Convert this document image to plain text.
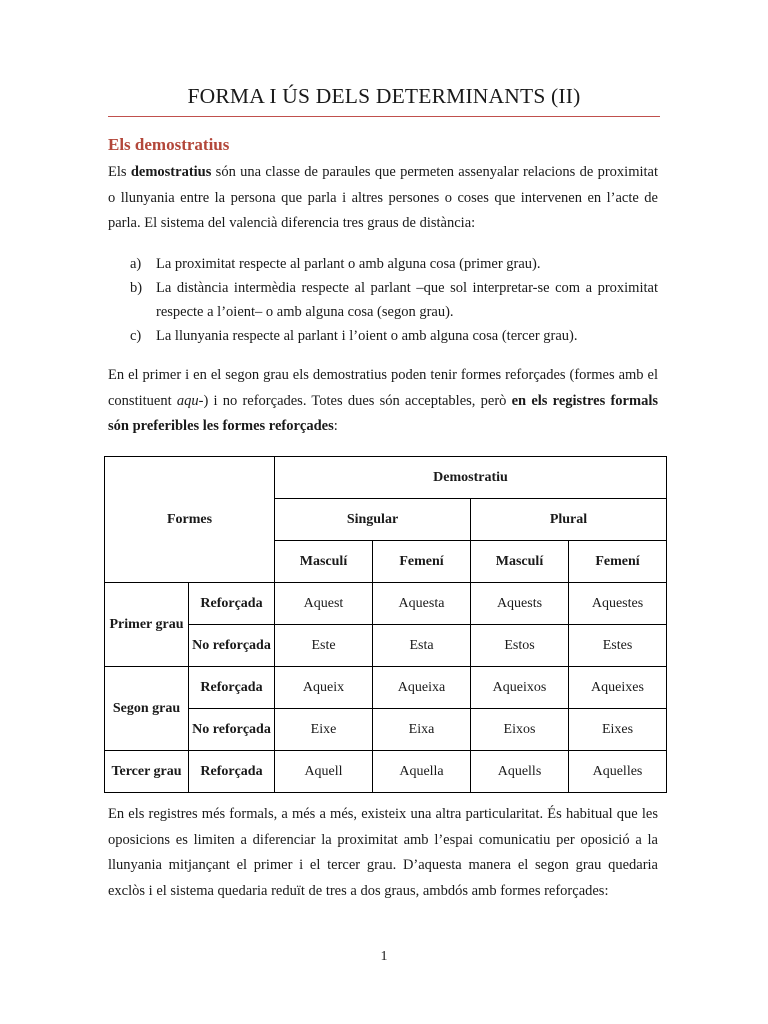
FORMA I ÚS DELS DETERMINANTS (II)
Els demostratius

Els demostratius són una classe de paraules que permeten assenyalar relacions de proximitat o llunyania entre la persona que parla i altres persones o coses que intervenen en l’acte de parla. El sistema del valencià diferencia tres graus de distància:

a) La proximitat respecte al parlant o amb alguna cosa (primer grau).
b) La distància intermèdia respecte al parlant –que sol interpretar-se com a proximitat respecte a l’oient– o amb alguna cosa (segon grau).
c) La llunyania respecte al parlant i l’oient o amb alguna cosa (tercer grau).

En el primer i en el segon grau els demostratius poden tenir formes reforçades (formes amb el constituent aqu-) i no reforçades. Totes dues són acceptables, però en els registres formals són preferibles les formes reforçades:

Formes		Demostratiu			
		Singular		Plural	
		Masculí	Femení	Masculí	Femení
Primer grau	Reforçada	Aquest	Aquesta	Aquests	Aquestes
	No reforçada	Este	Esta	Estos	Estes
Segon grau	Reforçada	Aqueix	Aqueixa	Aqueixos	Aqueixes
	No reforçada	Eixe	Eixa	Eixos	Eixes
Tercer grau	Reforçada	Aquell	Aquella	Aquells	Aquelles

En els registres més formals, a més a més, existeix una altra particularitat. És habitual que les oposicions es limiten a diferenciar la proximitat amb l’espai comunicatiu per oposició a la llunyania mitjançant el primer i el tercer grau. D’aquesta manera el segon grau quedaria exclòs i el sistema quedaria reduït de tres a dos graus, ambdós amb formes reforçades:

1
